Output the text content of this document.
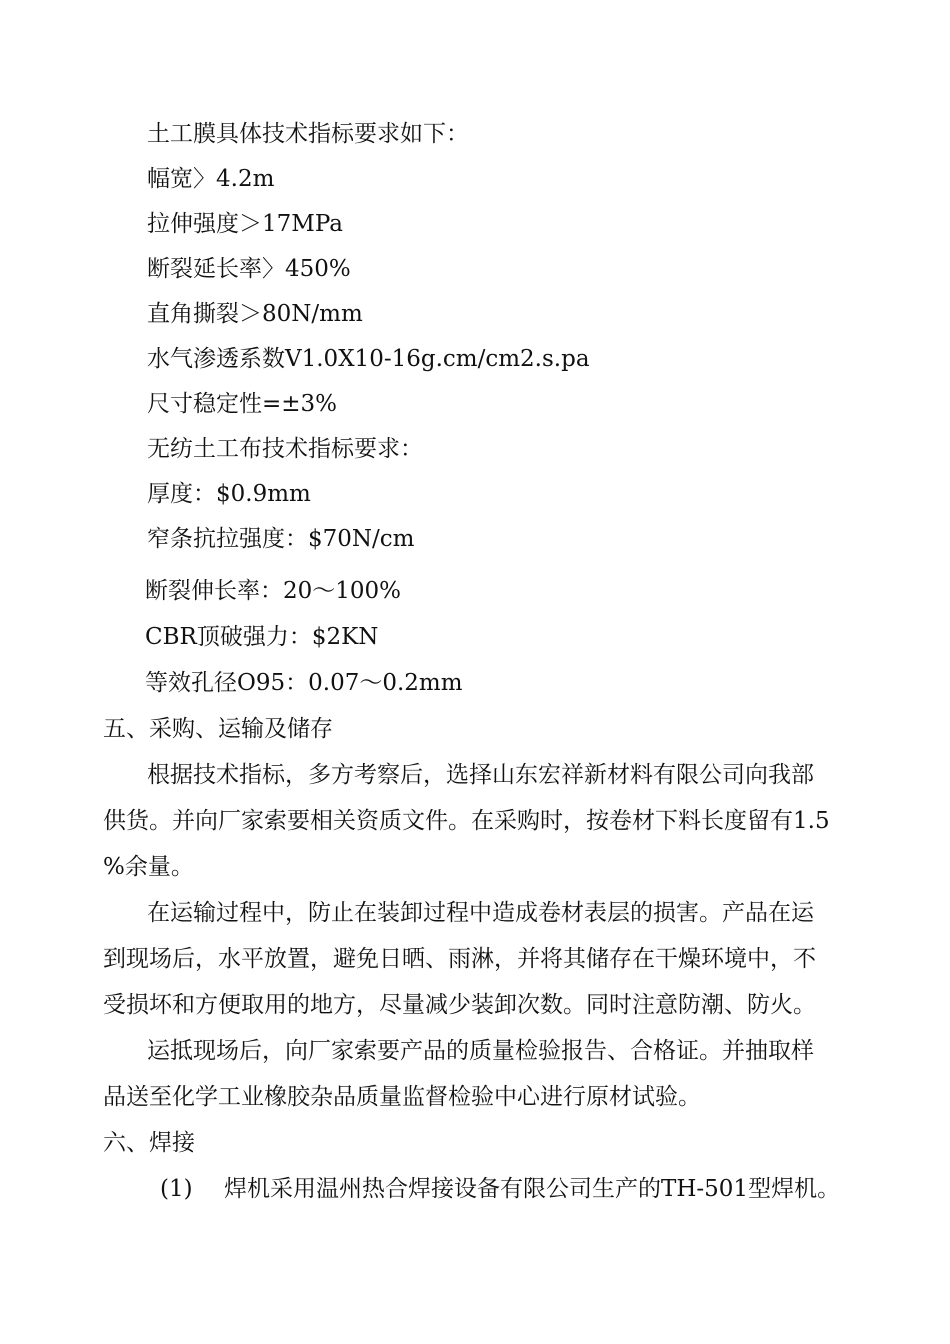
土工膜具体技术指标要求如下：
幅宽〉4.2m
拉伸强度＞17MPa
断裂延长率〉450%
直角撕裂＞80N/mm
水气渗透系数V1.0X10-16g.cm/cm2.s.pa
尺寸稳定性=±3%
无纺土工布技术指标要求：
厚度：$0.9mm
窄条抗拉强度：$70N/cm
断裂伸长率：20〜100%
CBR顶破强力：$2KN
等效孔径O95：0.07〜0.2mm
五、采购、运输及储存
根据技术指标，多方考察后，选择山东宏祥新材料有限公司向我部
供货。并向厂家索要相关资质文件。在采购时，按卷材下料长度留有1.5
%余量。
在运输过程中，防止在装卸过程中造成卷材表层的损害。产品在运
到现场后，水平放置，避免日晒、雨淋，并将其储存在干燥环境中，不
受损坏和方便取用的地方，尽量减少装卸次数。同时注意防潮、防火。
运抵现场后，向厂家索要产品的质量检验报告、合格证。并抽取样
品送至化学工业橡胶杂品质量监督检验中心进行原材试验。
六、焊接
(1) 焊机采用温州热合焊接设备有限公司生产的TH-501型焊机。
